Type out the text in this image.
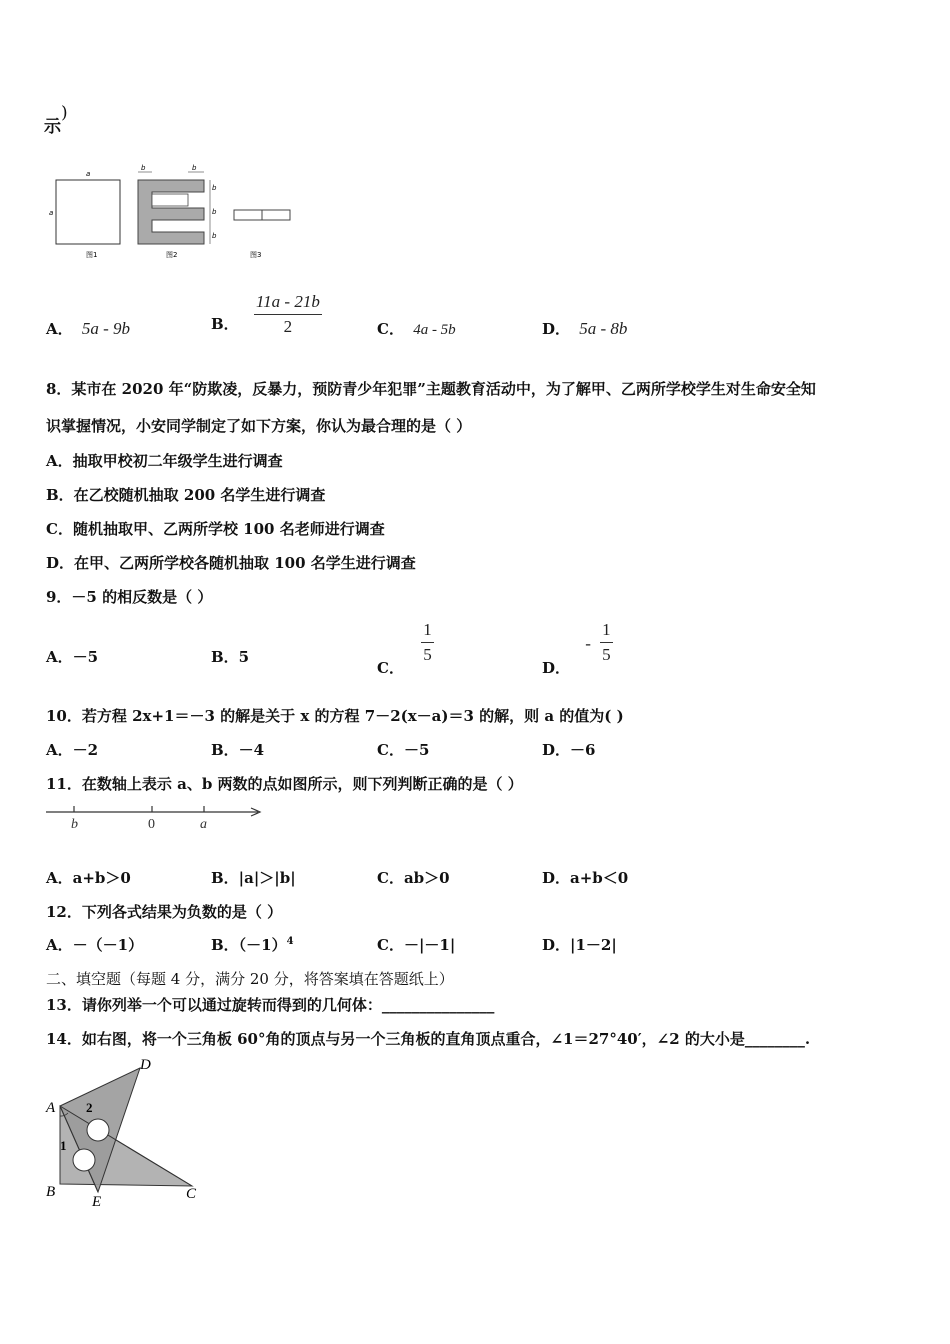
示)
a
a
图1
b	b
b
b
b
图2	图3
A． 5a - 9b	B． $\frac{11a - 21b}{2}$	C． 4a - 5b	D． 5a - 8b
8．某市在 2020 年“防欺凌，反暴力，预防青少年犯罪”主题教育活动中，为了解甲、乙两所学校学生对生命安全知
识掌握情况，小安同学制定了如下方案，你认为最合理的是（ ）
A．抽取甲校初二年级学生进行调查
B．在乙校随机抽取 200 名学生进行调查
C．随机抽取甲、乙两所学校 100 名老师进行调查
D．在甲、乙两所学校各随机抽取 100 名学生进行调查
9．－5 的相反数是（ ）
A．－5	B．5
C．
$\frac{1}{5}$
D． - $\frac{1}{5}$
10．若方程 2x+1＝－3 的解是关于 x 的方程 7－2(x－a)＝3 的解，则 a 的值为( )
A．－2	B．－4	C．－5	D．－6
11．在数轴上表示 a、b 两数的点如图所示，则下列判断正确的是（ ）
b	0	a
A．a+b＞0	B．|a|＞|b|	C．ab＞0	D．a+b＜0
12．下列各式结果为负数的是（ ）
A．－（－1）	B．$(-1)^4$	C．－|－1|	D．|1－2|
二、填空题（每题 4 分，满分 20 分，将答案填在答题纸上）
13．请你列举一个可以通过旋转而得到的几何体：_______________
14．如右图，将一个三角板 60°角的顶点与另一个三角板的直角顶点重合，∠1＝27°40′，∠2 的大小是________.
A
B	C
D
E
1
2
